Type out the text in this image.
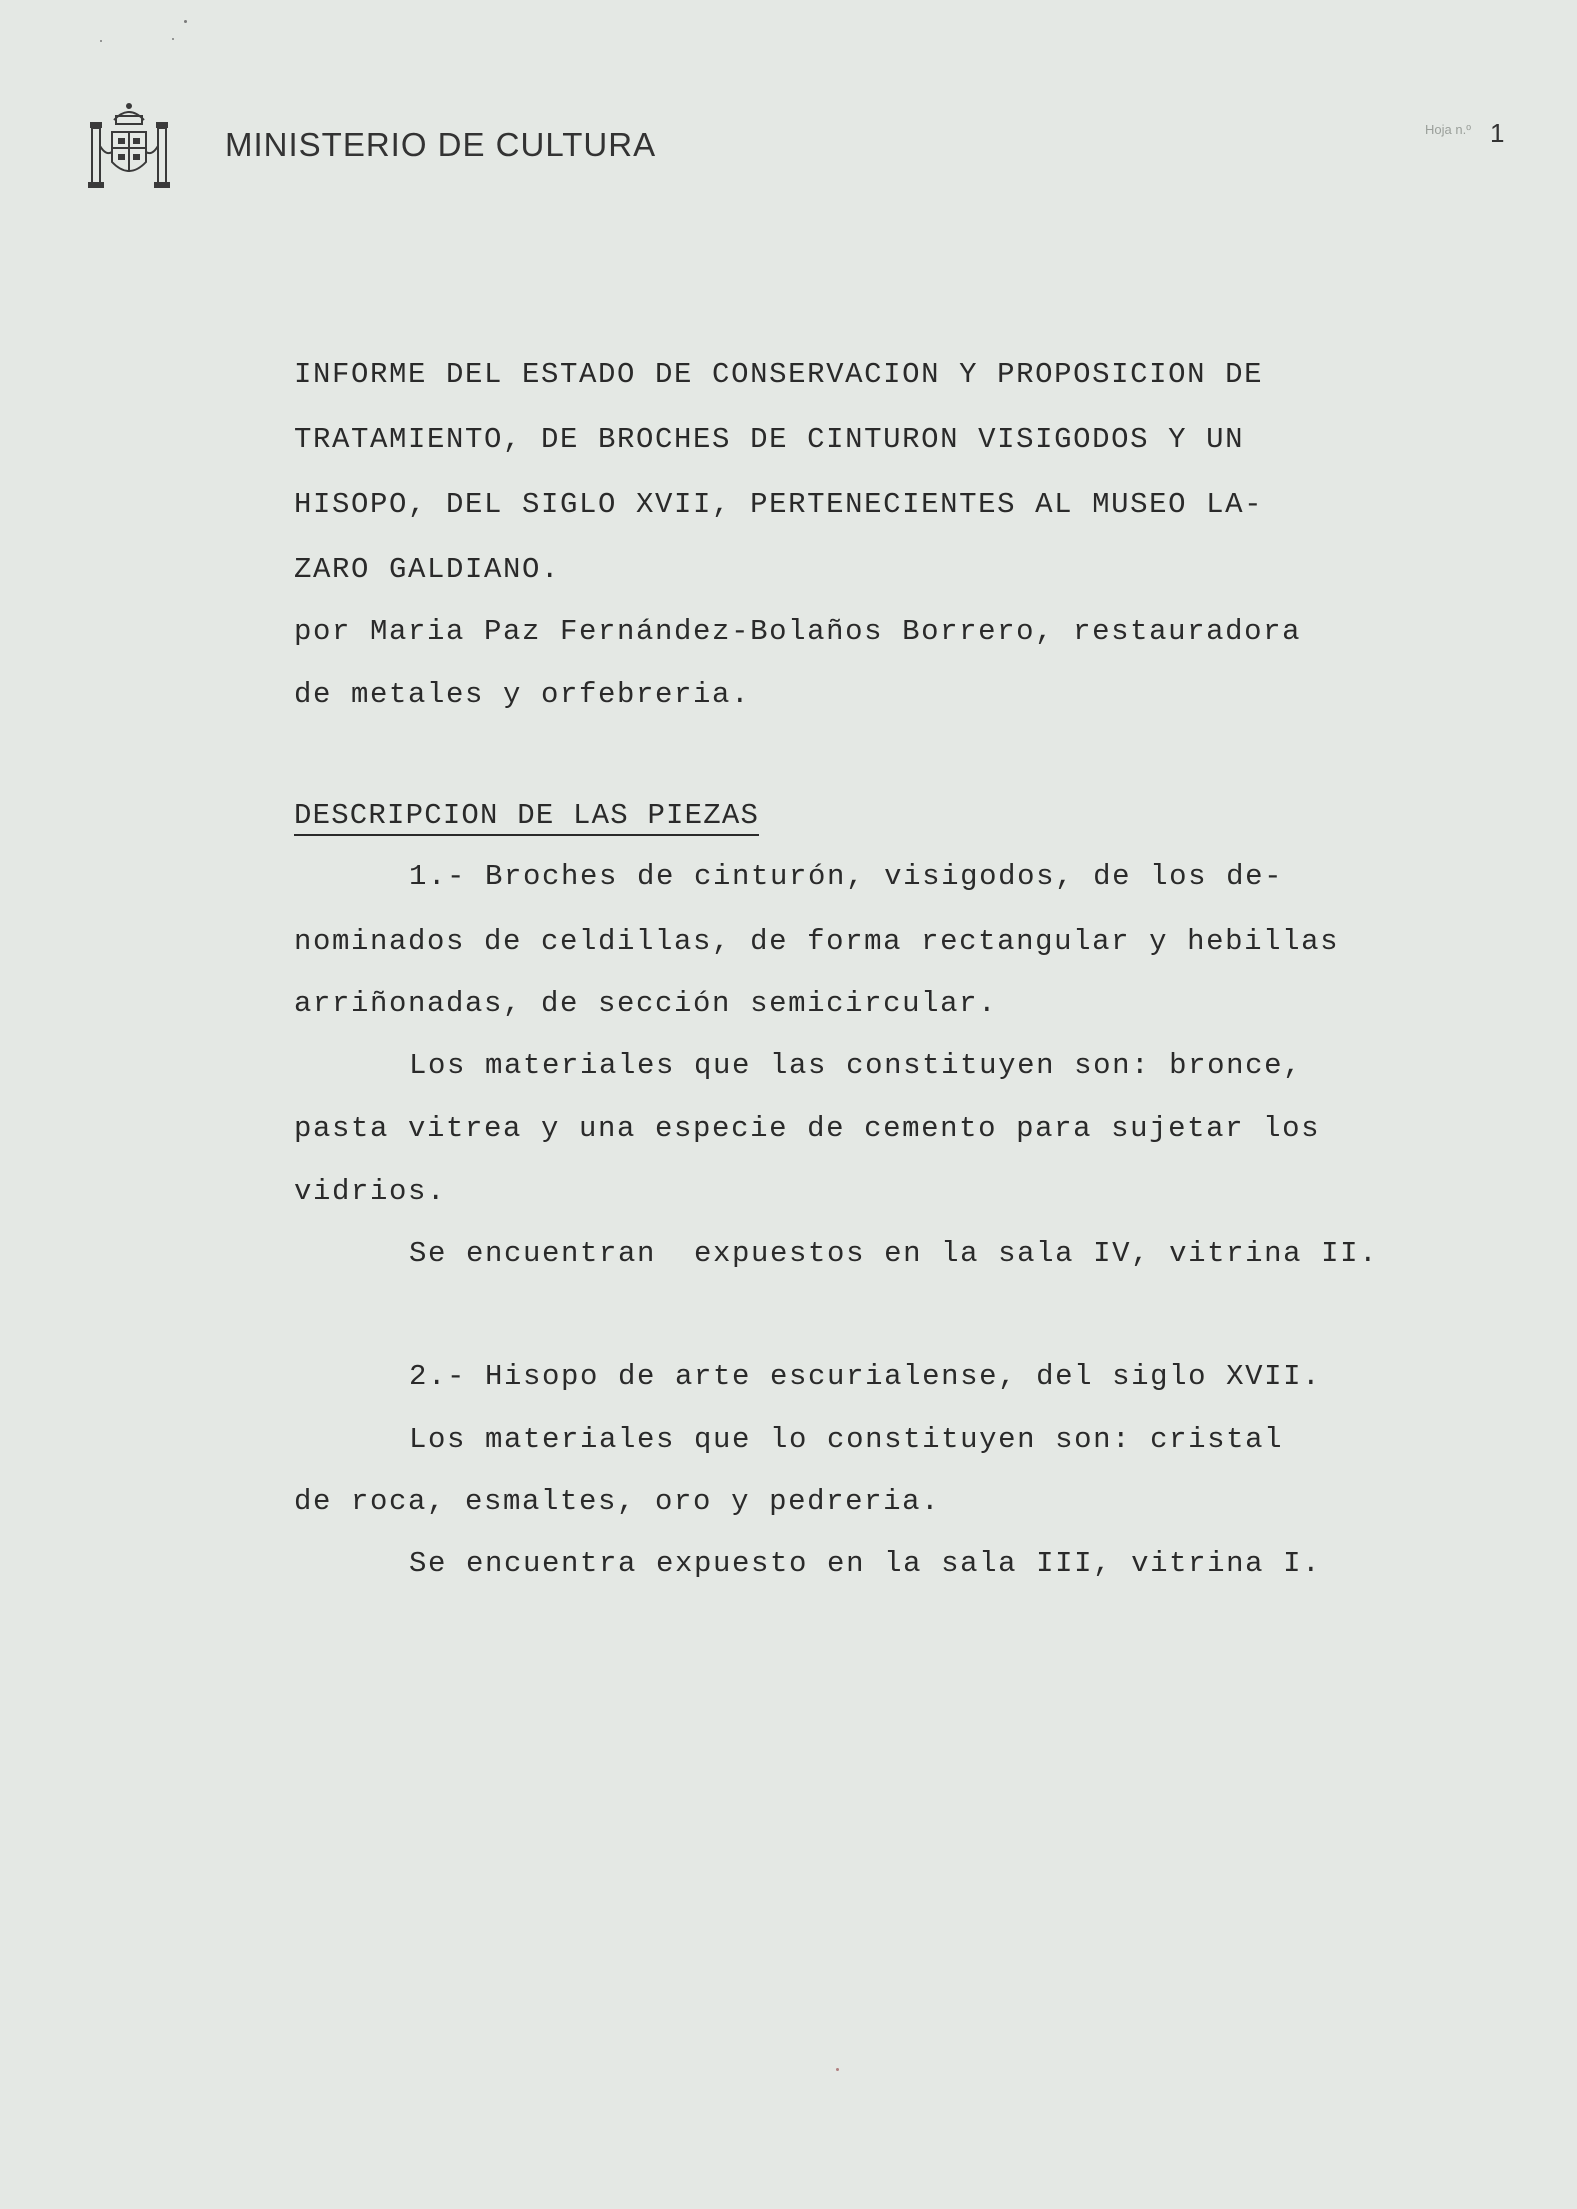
MINISTERIO DE CULTURA	Hoja n.º 1
INFORME DEL ESTADO DE CONSERVACION Y PROPOSICION DE
TRATAMIENTO, DE BROCHES DE CINTURON VISIGODOS Y UN
HISOPO, DEL SIGLO XVII, PERTENECIENTES AL MUSEO LA-
ZARO GALDIANO.
por Maria Paz Fernández-Bolaños Borrero, restauradora
de metales y orfebreria.
DESCRIPCION DE LAS PIEZAS
1.- Broches de cinturón, visigodos, de los de-
nominados de celdillas, de forma rectangular y hebillas
arriñonadas, de sección semicircular.
Los materiales que las constituyen son: bronce,
pasta vitrea y una especie de cemento para sujetar los
vidrios.
Se encuentran  expuestos en la sala IV, vitrina II.
2.- Hisopo de arte escurialense, del siglo XVII.
Los materiales que lo constituyen son: cristal
de roca, esmaltes, oro y pedreria.
Se encuentra expuesto en la sala III, vitrina I.
